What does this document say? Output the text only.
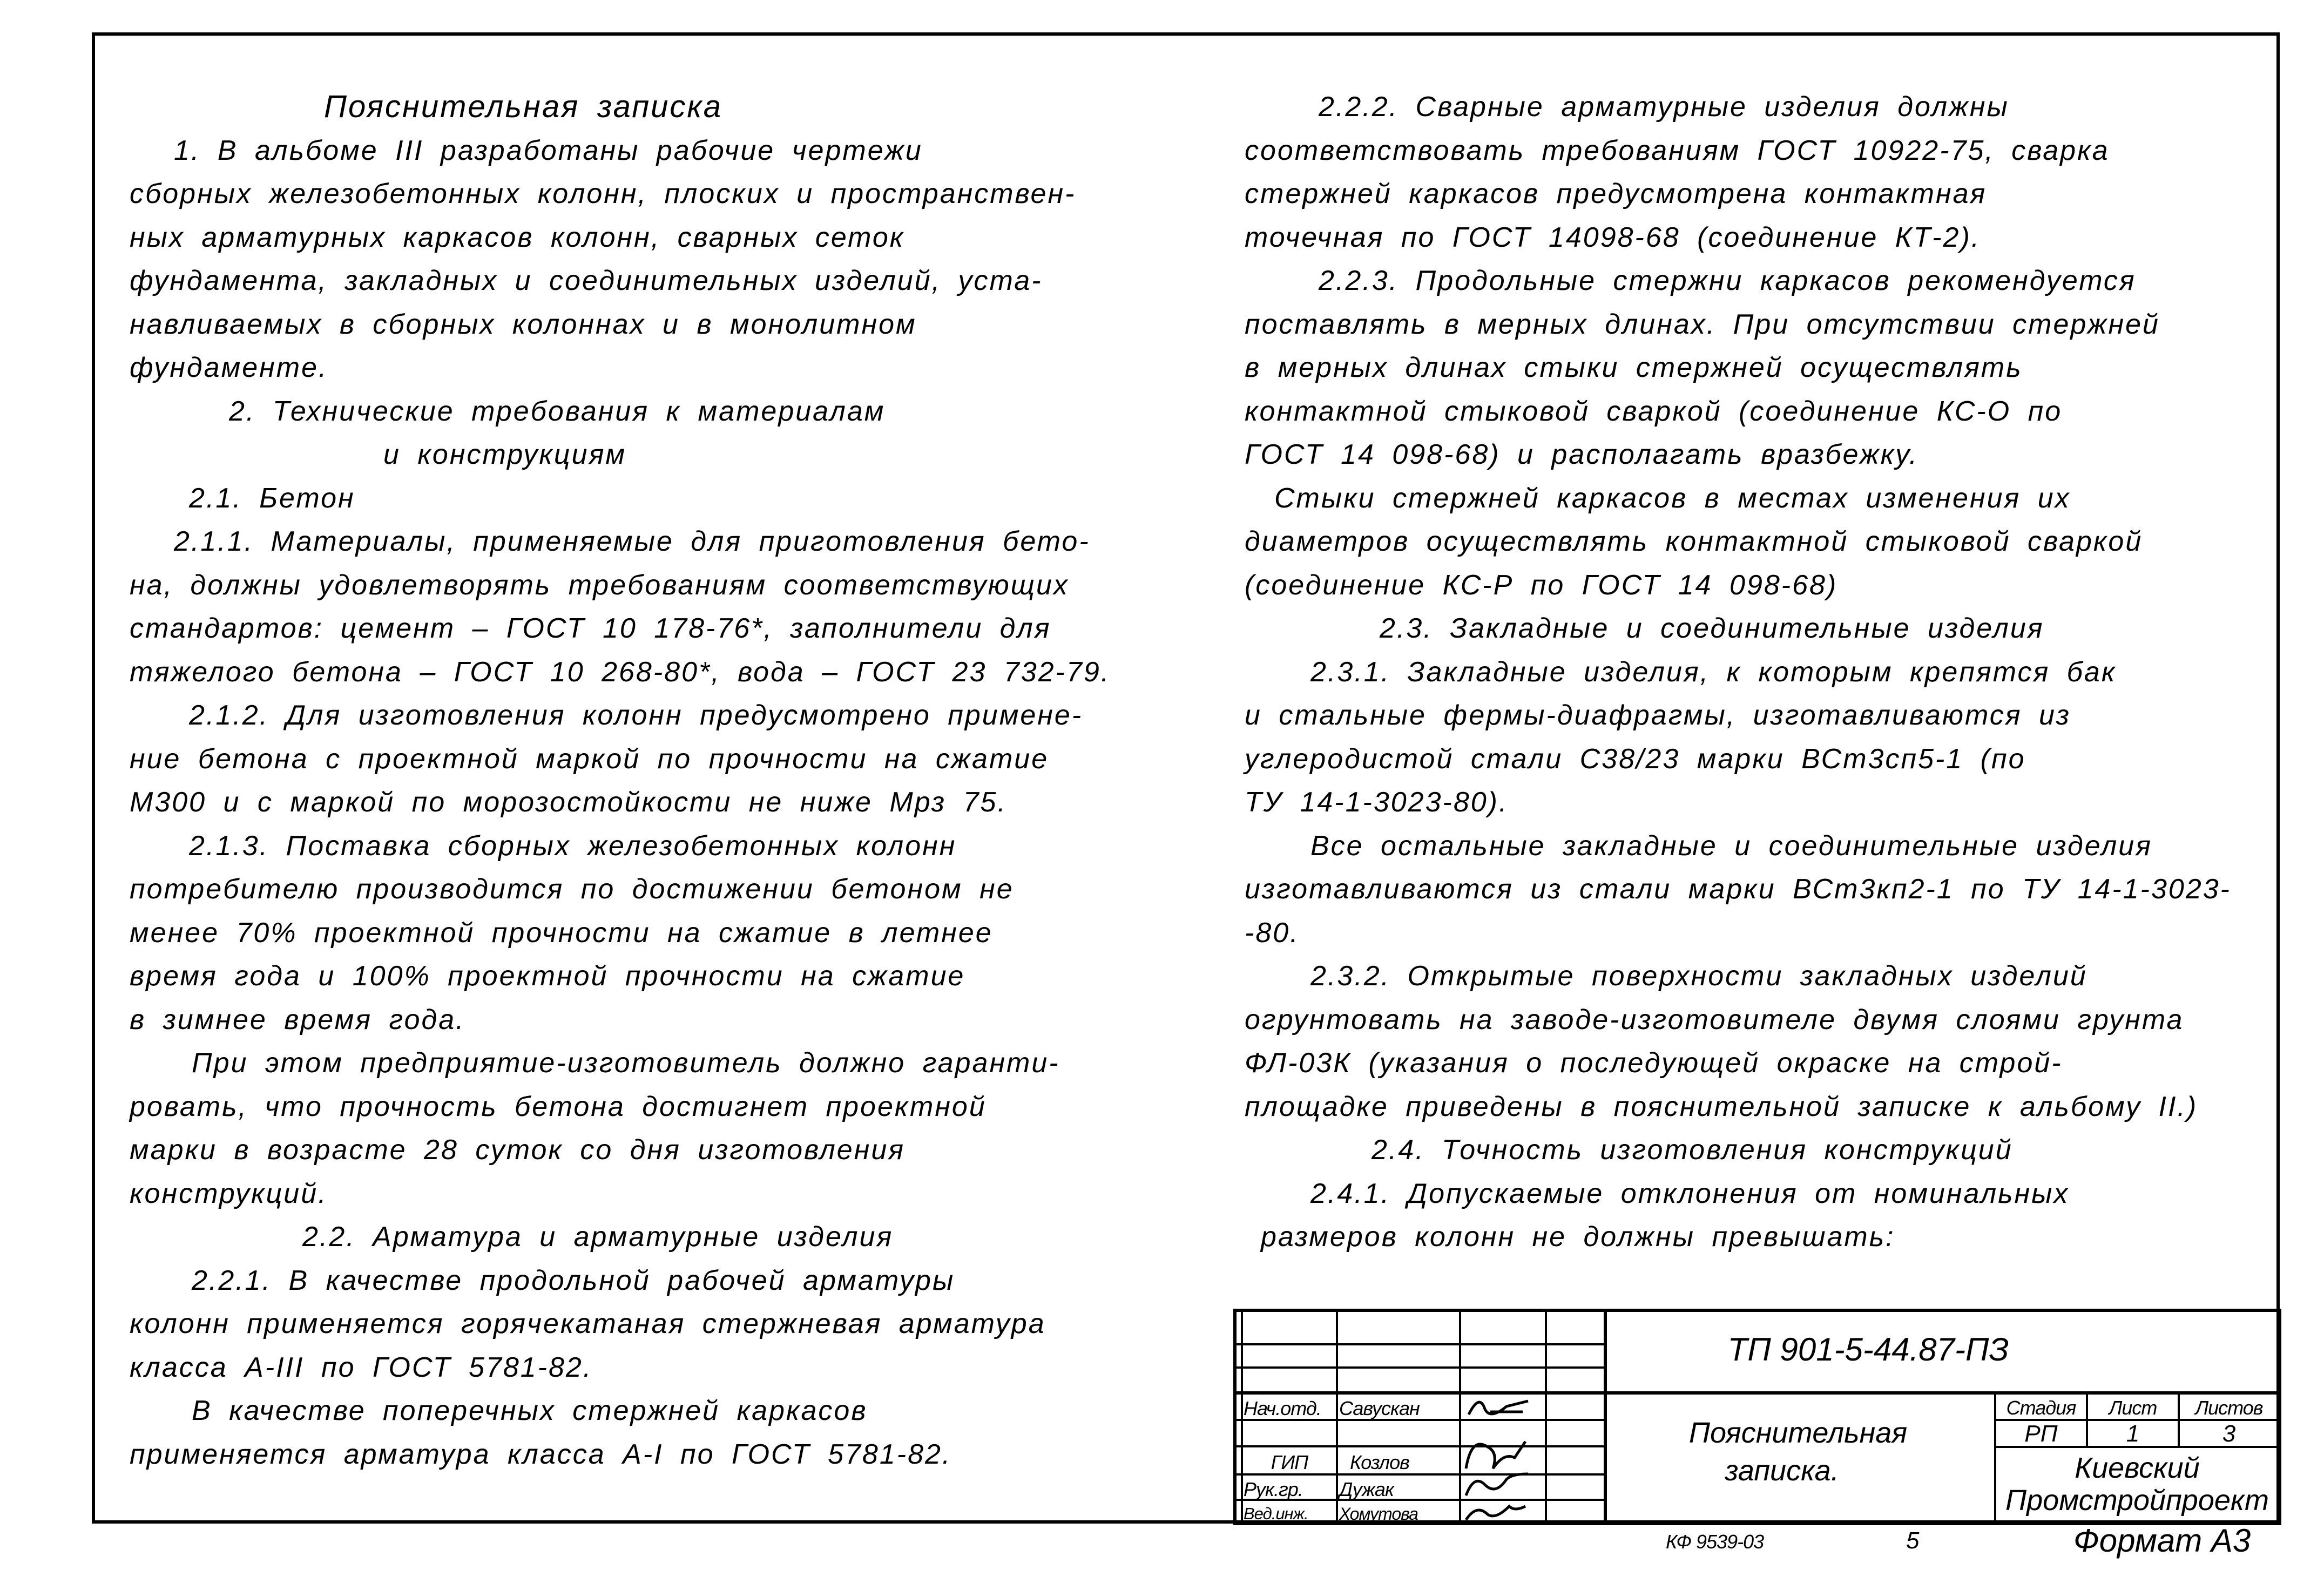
Пояснительная записка
1. В альбоме III разработаны рабочие чертежи
сборных железобетонных колонн, плоских и пространствен-
ных арматурных каркасов колонн, сварных сеток
фундамента, закладных и соединительных изделий, уста-
навливаемых в сборных колоннах и в монолитном
фундаменте.
2. Технические требования к материалам
и конструкциям
2.1. Бетон
2.1.1. Материалы, применяемые для приготовления бето-
на, должны удовлетворять требованиям соответствующих
стандартов: цемент – ГОСТ 10 178-76*, заполнители для
тяжелого бетона – ГОСТ 10 268-80*, вода – ГОСТ 23 732-79.
2.1.2. Для изготовления колонн предусмотрено примене-
ние бетона с проектной маркой по прочности на сжатие
М300 и с маркой по морозостойкости не ниже Мрз 75.
2.1.3. Поставка сборных железобетонных колонн
потребителю производится по достижении бетоном не
менее 70% проектной прочности на сжатие в летнее
время года и 100% проектной прочности на сжатие
в зимнее время года.
При этом предприятие-изготовитель должно гаранти-
ровать, что прочность бетона достигнет проектной
марки в возрасте 28 суток со дня изготовления
конструкций.
2.2. Арматура и арматурные изделия
2.2.1. В качестве продольной рабочей арматуры
колонн применяется горячекатаная стержневая арматура
класса А-III по ГОСТ 5781-82.
В качестве поперечных стержней каркасов
применяется арматура класса А-I по ГОСТ 5781-82.
2.2.2. Сварные арматурные изделия должны
соответствовать требованиям ГОСТ 10922-75, сварка
стержней каркасов предусмотрена контактная
точечная по ГОСТ 14098-68 (соединение КТ-2).
2.2.3. Продольные стержни каркасов рекомендуется
поставлять в мерных длинах. При отсутствии стержней
в мерных длинах стыки стержней осуществлять
контактной стыковой сваркой (соединение КС-О по
ГОСТ 14 098-68) и располагать вразбежку.
Стыки стержней каркасов в местах изменения их
диаметров осуществлять контактной стыковой сваркой
(соединение КС-Р по ГОСТ 14 098-68)
2.3. Закладные и соединительные изделия
2.3.1. Закладные изделия, к которым крепятся бак
и стальные фермы-диафрагмы, изготавливаются из
углеродистой стали С38/23 марки ВСт3сп5-1 (по
ТУ 14-1-3023-80).
Все остальные закладные и соединительные изделия
изготавливаются из стали марки ВСт3кп2-1 по ТУ 14-1-3023-
-80.
2.3.2. Открытые поверхности закладных изделий
огрунтовать на заводе-изготовителе двумя слоями грунта
ФЛ-03К (указания о последующей окраске на строй-
площадке приведены в пояснительной записке к альбому II.)
2.4. Точность изготовления конструкций
2.4.1. Допускаемые отклонения от номинальных
размеров колонн не должны превышать:
ТП 901-5-44.87-ПЗ
Пояснительная
записка.
Стадия Лист Листов
РП	1	3
Киевский
Промстройпроект
Нач.отд. Савускан
ГИП Козлов
Рук.гр. Дужак
Вед.инж. Хомутова
КФ 9539-03	5	Формат А3
